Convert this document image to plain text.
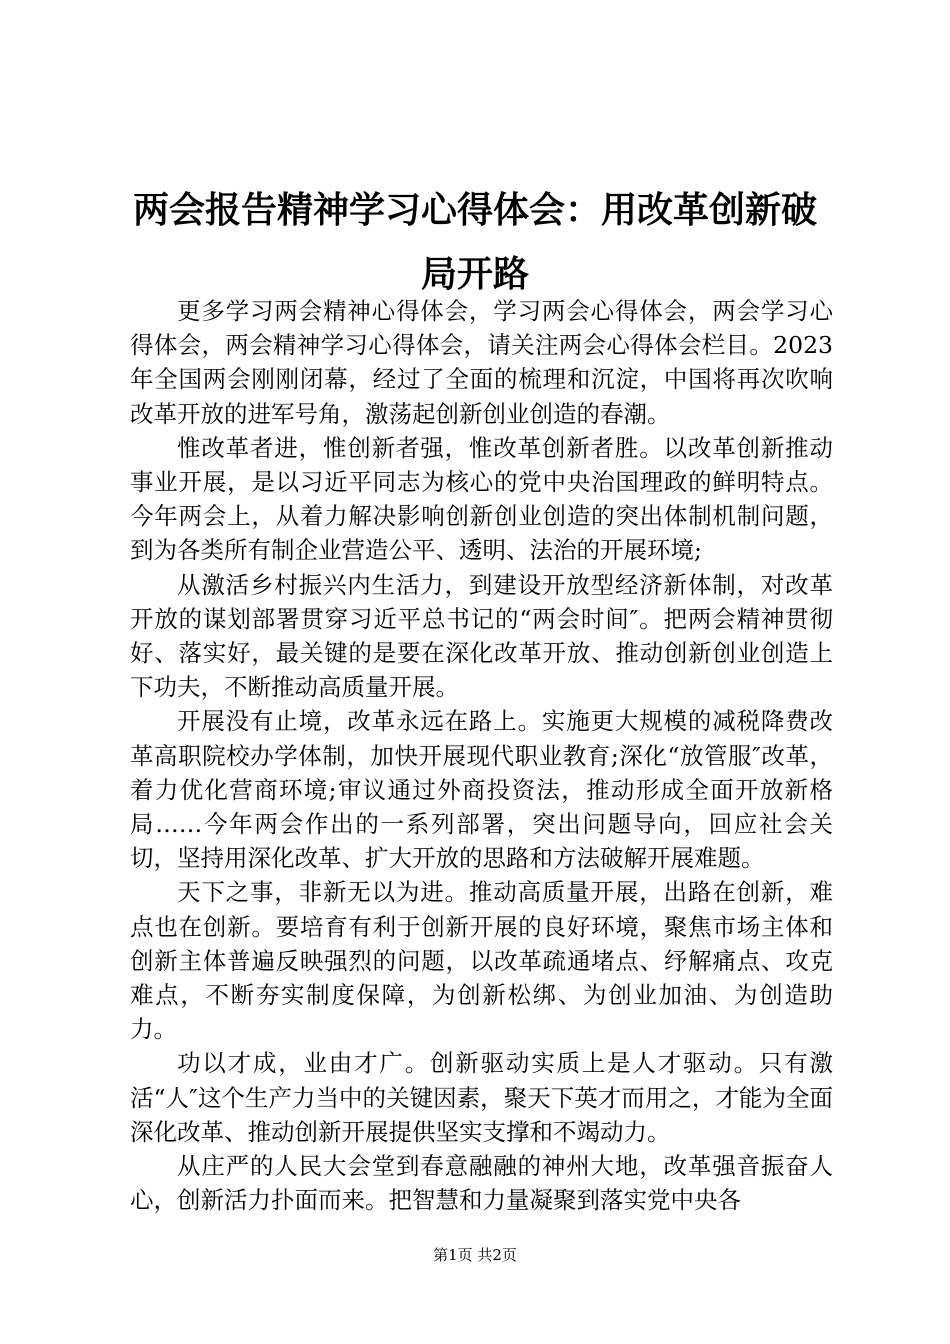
两会报告精神学习心得体会：用改革创新破局开路

更多学习两会精神心得体会，学习两会心得体会，两会学习心得体会，两会精神学习心得体会，请关注两会心得体会栏目。2023年全国两会刚刚闭幕，经过了全面的梳理和沉淀，中国将再次吹响改革开放的进军号角，激荡起创新创业创造的春潮。

惟改革者进，惟创新者强，惟改革创新者胜。以改革创新推动事业开展，是以习近平同志为核心的党中央治国理政的鲜明特点。今年两会上，从着力解决影响创新创业创造的突出体制机制问题，到为各类所有制企业营造公平、透明、法治的开展环境;

从激活乡村振兴内生活力，到建设开放型经济新体制，对改革开放的谋划部署贯穿习近平总书记的“两会时间″。把两会精神贯彻好、落实好，最关键的是要在深化改革开放、推动创新创业创造上下功夫，不断推动高质量开展。

开展没有止境，改革永远在路上。实施更大规模的减税降费改革高职院校办学体制，加快开展现代职业教育;深化“放管服″改革，着力优化营商环境;审议通过外商投资法，推动形成全面开放新格局……今年两会作出的一系列部署，突出问题导向，回应社会关切，坚持用深化改革、扩大开放的思路和方法破解开展难题。

天下之事，非新无以为进。推动高质量开展，出路在创新，难点也在创新。要培育有利于创新开展的良好环境，聚焦市场主体和创新主体普遍反映强烈的问题，以改革疏通堵点、纾解痛点、攻克难点，不断夯实制度保障，为创新松绑、为创业加油、为创造助力。

功以才成，业由才广。创新驱动实质上是人才驱动。只有激活“人″这个生产力当中的关键因素，聚天下英才而用之，才能为全面深化改革、推动创新开展提供坚实支撑和不竭动力。

从庄严的人民大会堂到春意融融的神州大地，改革强音振奋人心，创新活力扑面而来。把智慧和力量凝聚到落实党中央各

第1页 共2页
